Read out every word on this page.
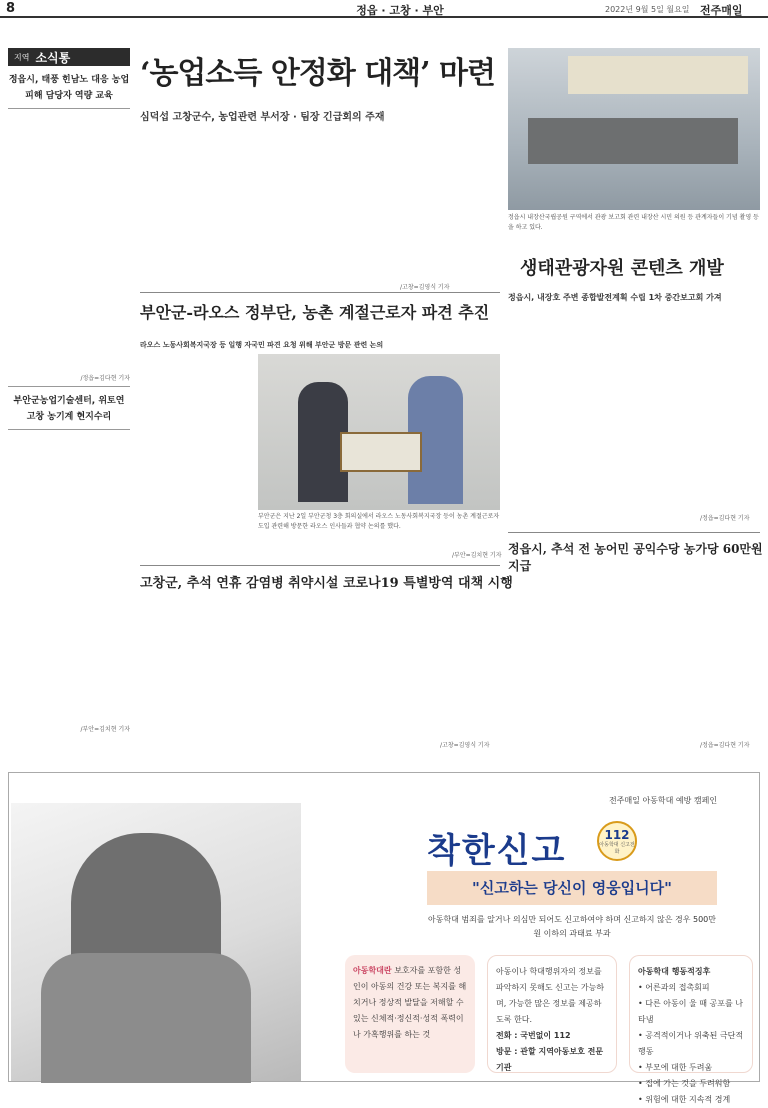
8	정읍 · 고창 · 부안	2022년 9월 5일 월요일 전주매일
지역 소식통
정읍시, 태풍 힌남노 대응 농업피해 담당자 역량 교육
/정읍=김다현 기자
부안군농업기술센터, 위토연 고창 농기계 현지수리
/부안=김치현 기자
‘농업소득 안정화 대책’ 마련
심덕섭 고창군수, 농업관련 부서장 · 팀장 긴급회의 주재
/고창=김영식 기자
정읍시 내장산국립공원 구역에서 관광 보고회 관련 내장산 시민 의원 등 관계자들이 기념 촬영 등을 하고 있다.
생태관광자원 콘텐츠 개발
정읍시, 내장호 주변 종합발전계획 수립 1차 중간보고회 가져
/정읍=김다현 기자
부안군-라오스 정부단, 농촌 계절근로자 파견 추진
라오스 노동사회복지국장 등 일행 자국민 파견 요청 위해 부안군 방문 관련 논의
부안군은 지난 2일 부안군청 3층 회의실에서 라오스 노동사회복지국장 등이 농촌 계절근로자 도입 관련해 방문한 라오스 인사들과 협약 논의를 했다.
/부안=김치현 기자 정읍시, 추석 전 농어민 공익수당 농가당 60만원 지급
고창군, 추석 연휴 감염병 취약시설 코로나19 특별방역 대책 시행
/고창=김영식 기자	/정읍=김다현 기자
전주매일 아동학대 예방 캠페인
착한신고	112
아동학대 신고전화
"신고하는 당신이 영웅입니다"
아동학대 범죄를 알거나 의심만 되어도 신고하여야 하며 신고하지 않은 경우 500만원 이하의 과태료 부과
아동학대란 보호자를 포함한 성인이 아동의 건강 또는 복지를 해치거나 정상적 발달을 저해할 수 있는 신체적·정신적·성적 폭력이나 가혹행위를 하는 것
아동이나 학대행위자의 정보를 파악하지 못해도 신고는 가능하며, 가능한 많은 정보를 제공하도록 한다.
전화 : 국번없이 112
방문 : 관할 지역아동보호 전문기관
아동학대 행동적징후
• 어른과의 접촉회피
• 다른 아동이 울 때 공포를 나타냄
• 공격적이거나 위축된 극단적 행동
• 부모에 대한 두려움
• 집에 가는 것을 두려워함
• 위험에 대한 지속적 경계
